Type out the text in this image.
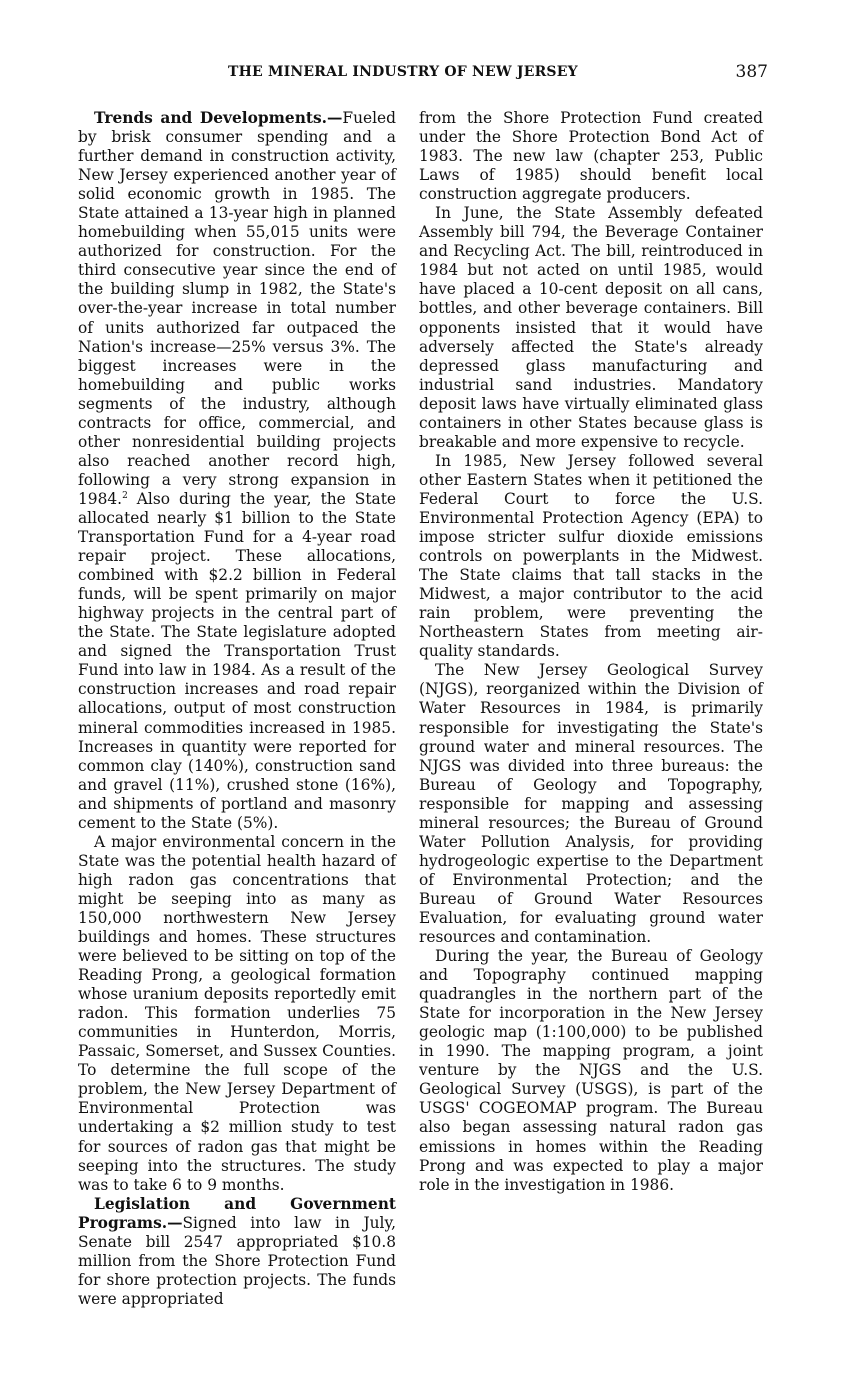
THE MINERAL INDUSTRY OF NEW JERSEY	387

Trends and Developments.—Fueled by brisk consumer spending and a further demand in construction activity, New Jersey experienced another year of solid economic growth in 1985. The State attained a 13-year high in planned homebuilding when 55,015 units were authorized for construction. For the third consecutive year since the end of the building slump in 1982, the State's over-the-year increase in total number of units authorized far outpaced the Nation's increase—25% versus 3%. The biggest increases were in the homebuilding and public works segments of the industry, although contracts for office, commercial, and other nonresidential building projects also reached another record high, following a very strong expansion in 1984.$^2$ Also during the year, the State allocated nearly $1 billion to the State Transportation Fund for a 4-year road repair project. These allocations, combined with $2.2 billion in Federal funds, will be spent primarily on major highway projects in the central part of the State. The State legislature adopted and signed the Transportation Trust Fund into law in 1984. As a result of the construction increases and road repair allocations, output of most construction mineral commodities increased in 1985. Increases in quantity were reported for common clay (140%), construction sand and gravel (11%), crushed stone (16%), and shipments of portland and masonry cement to the State (5%).

A major environmental concern in the State was the potential health hazard of high radon gas concentrations that might be seeping into as many as 150,000 northwestern New Jersey buildings and homes. These structures were believed to be sitting on top of the Reading Prong, a geological formation whose uranium deposits reportedly emit radon. This formation underlies 75 communities in Hunterdon, Morris, Passaic, Somerset, and Sussex Counties. To determine the full scope of the problem, the New Jersey Department of Environmental Protection was undertaking a $2 million study to test for sources of radon gas that might be seeping into the structures. The study was to take 6 to 9 months.

Legislation and Government Programs.—Signed into law in July, Senate bill 2547 appropriated $10.8 million from the Shore Protection Fund for shore protection projects. The funds were appropriated

from the Shore Protection Fund created under the Shore Protection Bond Act of 1983. The new law (chapter 253, Public Laws of 1985) should benefit local construction aggregate producers.

In June, the State Assembly defeated Assembly bill 794, the Beverage Container and Recycling Act. The bill, reintroduced in 1984 but not acted on until 1985, would have placed a 10-cent deposit on all cans, bottles, and other beverage containers. Bill opponents insisted that it would have adversely affected the State's already depressed glass manufacturing and industrial sand industries. Mandatory deposit laws have virtually eliminated glass containers in other States because glass is breakable and more expensive to recycle.

In 1985, New Jersey followed several other Eastern States when it petitioned the Federal Court to force the U.S. Environmental Protection Agency (EPA) to impose stricter sulfur dioxide emissions controls on powerplants in the Midwest. The State claims that tall stacks in the Midwest, a major contributor to the acid rain problem, were preventing the Northeastern States from meeting air-quality standards.

The New Jersey Geological Survey (NJGS), reorganized within the Division of Water Resources in 1984, is primarily responsible for investigating the State's ground water and mineral resources. The NJGS was divided into three bureaus: the Bureau of Geology and Topography, responsible for mapping and assessing mineral resources; the Bureau of Ground Water Pollution Analysis, for providing hydrogeologic expertise to the Department of Environmental Protection; and the Bureau of Ground Water Resources Evaluation, for evaluating ground water resources and contamination.

During the year, the Bureau of Geology and Topography continued mapping quadrangles in the northern part of the State for incorporation in the New Jersey geologic map (1:100,000) to be published in 1990. The mapping program, a joint venture by the NJGS and the U.S. Geological Survey (USGS), is part of the USGS' COGEOMAP program. The Bureau also began assessing natural radon gas emissions in homes within the Reading Prong and was expected to play a major role in the investigation in 1986.
